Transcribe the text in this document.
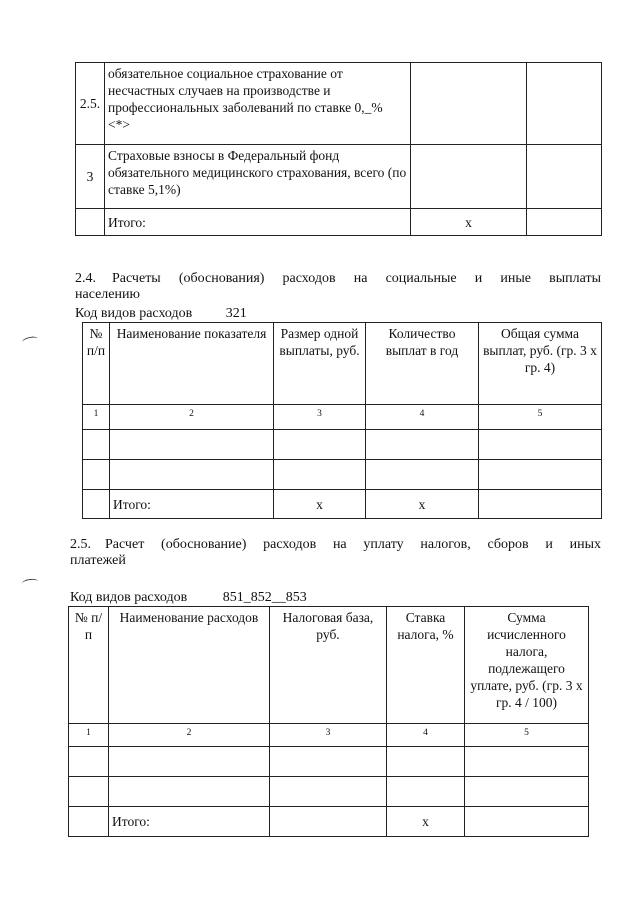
2.5.	обязательное социальное страхование от несчастных случаев на производстве и профессиональных заболеваний по ставке 0,_% <*>		
3	Страховые взносы в Федеральный фонд обязательного медицинского страхования, всего (по ставке 5,1%)		
	Итого:	х	
2.4. Расчеты (обоснования) расходов на социальные и иные выплаты
населению
Код видов расходов 321
№ п/п	Наименование показателя	Размер одной выплаты, руб.	Количество выплат в год	Общая сумма выплат, руб. (гр. 3 х гр. 4)
1	2	3	4	5

	Итого:	х	х	
2.5. Расчет (обоснование) расходов на уплату налогов, сборов и иных
платежей
Код видов расходов	851_852__853
№ п/п	Наименование расходов	Налоговая база, руб.	Ставка налога, %	Сумма исчисленного налога, подлежащего уплате, руб. (гр. 3 х гр. 4 / 100)
1	2	3	4	5

	Итого:		х	
